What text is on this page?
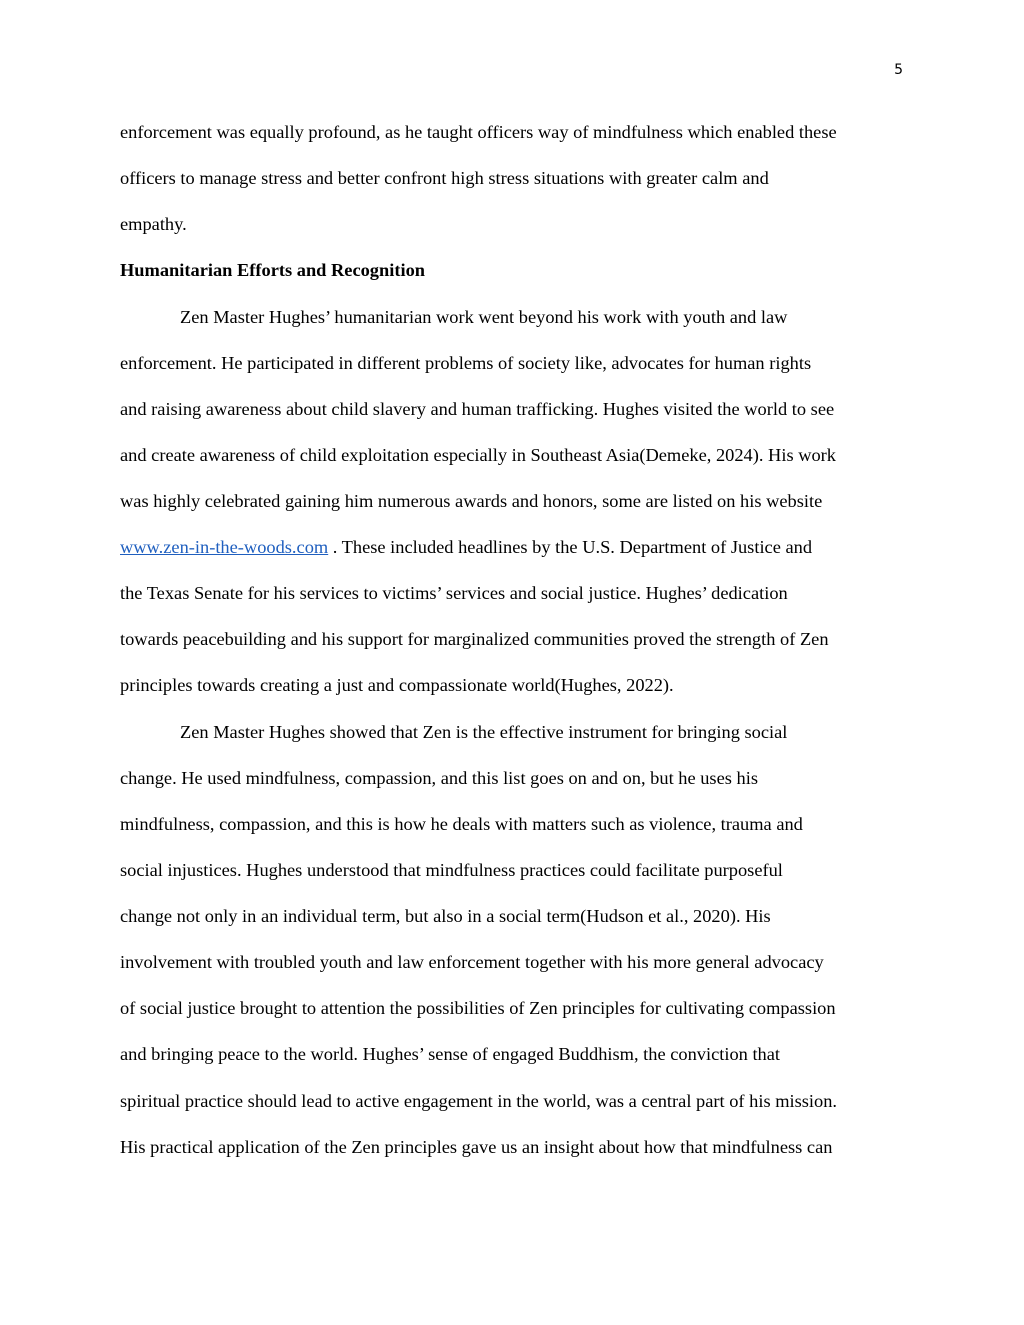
5

enforcement was equally profound, as he taught officers way of mindfulness which enabled these

officers to manage stress and better confront high stress situations with greater calm and

empathy.

Humanitarian Efforts and Recognition

Zen Master Hughes’ humanitarian work went beyond his work with youth and law

enforcement. He participated in different problems of society like, advocates for human rights

and raising awareness about child slavery and human trafficking. Hughes visited the world to see

and create awareness of child exploitation especially in Southeast Asia(Demeke, 2024). His work

was highly celebrated gaining him numerous awards and honors, some are listed on his website

www.zen-in-the-woods.com . These included headlines by the U.S. Department of Justice and

the Texas Senate for his services to victims’ services and social justice. Hughes’ dedication

towards peacebuilding and his support for marginalized communities proved the strength of Zen

principles towards creating a just and compassionate world(Hughes, 2022).

Zen Master Hughes showed that Zen is the effective instrument for bringing social

change. He used mindfulness, compassion, and this list goes on and on, but he uses his

mindfulness, compassion, and this is how he deals with matters such as violence, trauma and

social injustices. Hughes understood that mindfulness practices could facilitate purposeful

change not only in an individual term, but also in a social term(Hudson et al., 2020). His

involvement with troubled youth and law enforcement together with his more general advocacy

of social justice brought to attention the possibilities of Zen principles for cultivating compassion

and bringing peace to the world. Hughes’ sense of engaged Buddhism, the conviction that

spiritual practice should lead to active engagement in the world, was a central part of his mission.

His practical application of the Zen principles gave us an insight about how that mindfulness can
